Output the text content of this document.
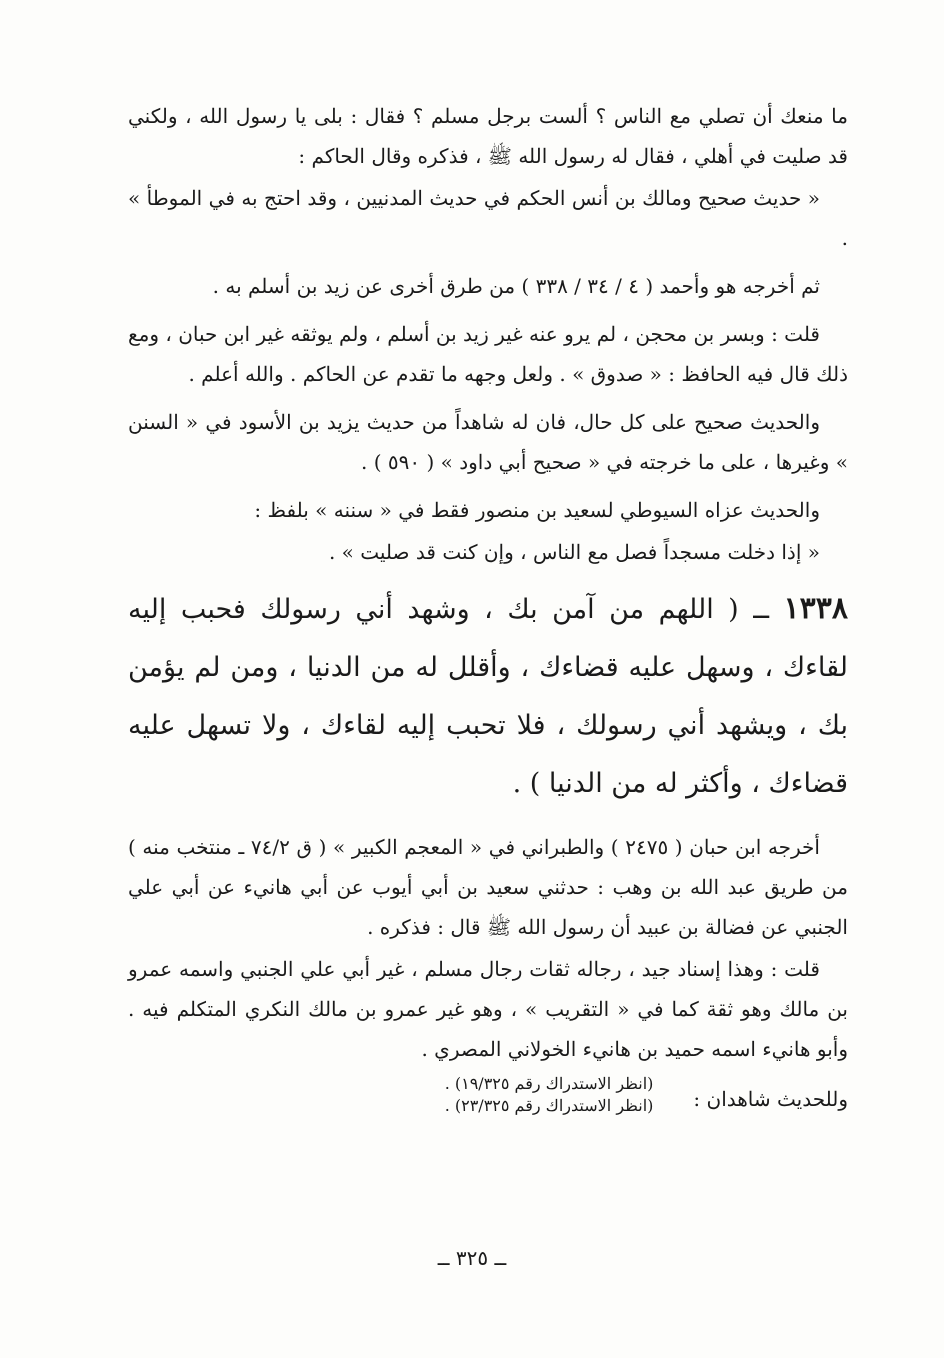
ما منعك أن تصلي مع الناس ؟ ألست برجل مسلم ؟ فقال : بلى يا رسول الله ، ولكني قد صليت في أهلي ، فقال له رسول الله ﷺ ، فذكره وقال الحاكم :

« حديث صحيح ومالك بن أنس الحكم في حديث المدنيين ، وقد احتج به في الموطأ » .

ثم أخرجه هو وأحمد ( ٤ / ٣٤ / ٣٣٨ ) من طرق أخرى عن زيد بن أسلم به .

قلت : وبسر بن محجن ، لم يرو عنه غير زيد بن أسلم ، ولم يوثقه غير ابن حبان ، ومع ذلك قال فيه الحافظ : « صدوق » . ولعل وجهه ما تقدم عن الحاكم . والله أعلم .

والحديث صحيح على كل حال، فان له شاهداً من حديث يزيد بن الأسود في « السنن » وغيرها ، على ما خرجته في « صحيح أبي داود » ( ٥٩٠ ) .

والحديث عزاه السيوطي لسعيد بن منصور فقط في « سننه » بلفظ :

« إذا دخلت مسجداً فصل مع الناس ، وإن كنت قد صليت » .

١٣٣٨ ــ ( اللهم من آمن بك ، وشهد أني رسولك فحبب إليه لقاءك ، وسهل عليه قضاءك ، وأقلل له من الدنيا ، ومن لم يؤمن بك ، ويشهد أني رسولك ، فلا تحبب إليه لقاءك ، ولا تسهل عليه قضاءك ، وأكثر له من الدنيا ) .

أخرجه ابن حبان ( ٢٤٧٥ ) والطبراني في « المعجم الكبير » ( ق ٧٤/٢ ـ منتخب منه ) من طريق عبد الله بن وهب : حدثني سعيد بن أبي أيوب عن أبي هانيء عن أبي علي الجنبي عن فضالة بن عبيد أن رسول الله ﷺ قال : فذكره .

قلت : وهذا إسناد جيد ، رجاله ثقات رجال مسلم ، غير أبي علي الجنبي واسمه عمرو بن مالك وهو ثقة كما في « التقريب » ، وهو غير عمرو بن مالك النكري المتكلم فيه . وأبو هانيء اسمه حميد بن هانيء الخولاني المصري .

وللحديث شاهدان :
(انظر الاستدراك رقم ١٩/٣٢٥) .
(انظر الاستدراك رقم ٢٣/٣٢٥) .
ــ ٣٢٥ ــ
